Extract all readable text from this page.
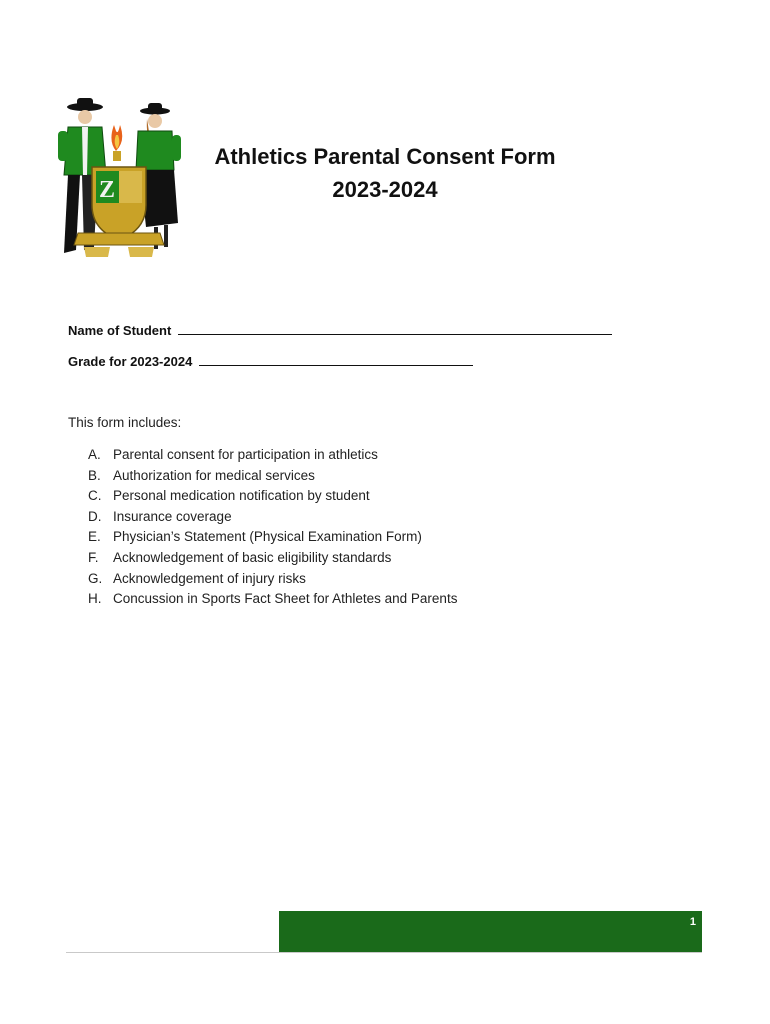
Z
Athletics Parental Consent Form
2023-2024
Name of Student
Grade for 2023-2024
This form includes:
A. Parental consent for participation in athletics
B. Authorization for medical services
C. Personal medication notification by student
D. Insurance coverage
E. Physician’s Statement (Physical Examination Form)
F. Acknowledgement of basic eligibility standards
G. Acknowledgement of injury risks
H. Concussion in Sports Fact Sheet for Athletes and Parents
1
